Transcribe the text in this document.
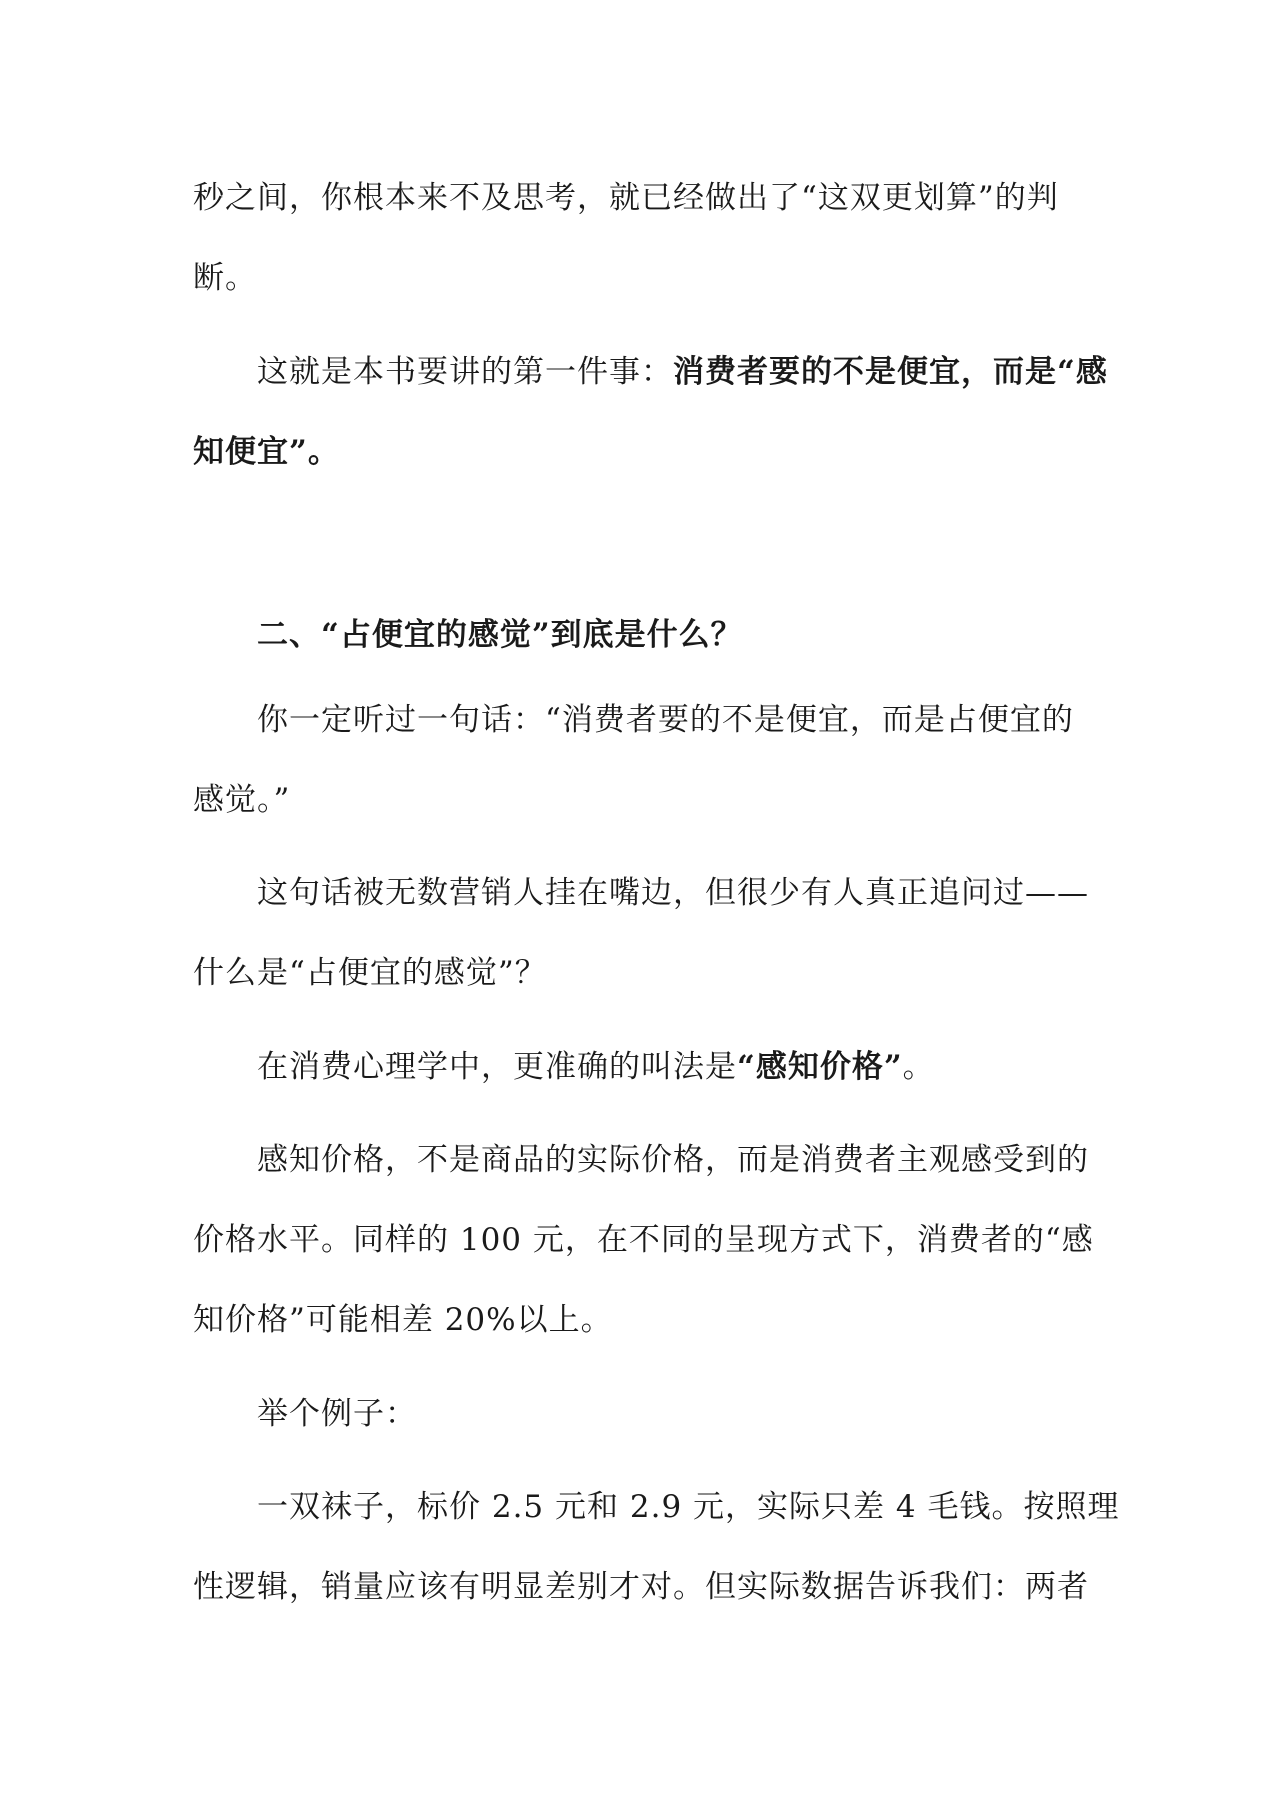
秒之间，你根本来不及思考，就已经做出了“这双更划算”的判
断。
这就是本书要讲的第一件事：消费者要的不是便宜，而是“感
知便宜”。
二、“占便宜的感觉”到底是什么？
你一定听过一句话：“消费者要的不是便宜，而是占便宜的
感觉。”
这句话被无数营销人挂在嘴边，但很少有人真正追问过——
什么是“占便宜的感觉”？
在消费心理学中，更准确的叫法是“感知价格”。
感知价格，不是商品的实际价格，而是消费者主观感受到的
价格水平。同样的 100 元，在不同的呈现方式下，消费者的“感
知价格”可能相差 20%以上。
举个例子：
一双袜子，标价 2.5 元和 2.9 元，实际只差 4 毛钱。按照理
性逻辑，销量应该有明显差别才对。但实际数据告诉我们：两者
